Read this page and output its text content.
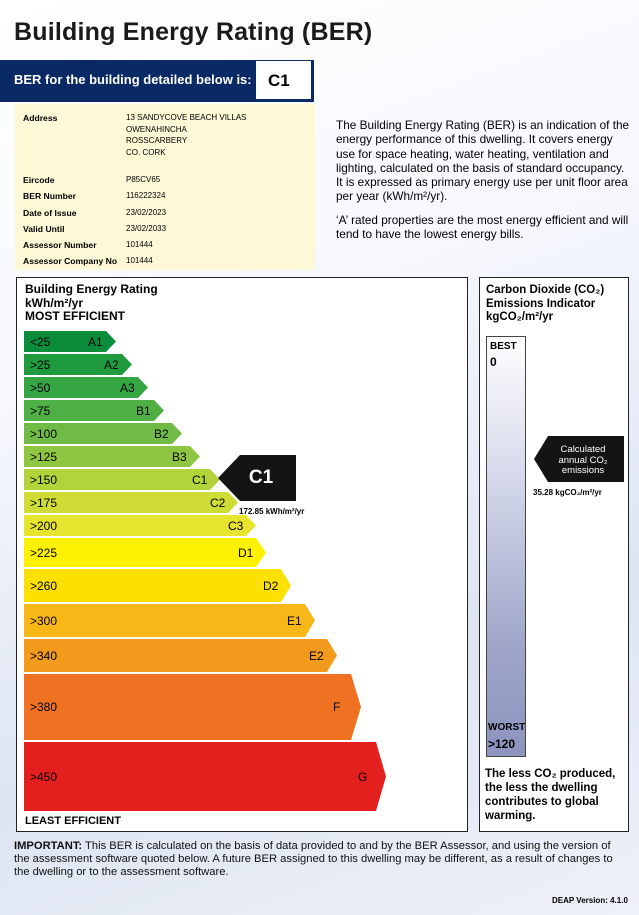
Building Energy Rating (BER)
BER for the building detailed below is: C1
Address	13 SANDYCOVE BEACH VILLAS
OWENAHINCHA
ROSSCARBERY
CO. CORK
Eircode	P85CV65
BER Number	116222324
Date of Issue	23/02/2023
Valid Until	23/02/2033
Assessor Number	101444
Assessor Company No 101444

The Building Energy Rating (BER) is an indication of the energy performance of this dwelling. It covers energy use for space heating, water heating, ventilation and lighting, calculated on the basis of standard occupancy. It is expressed as primary energy use per unit floor area per year (kWh/m²/yr).

‘A’ rated properties are the most energy efficient and will tend to have the lowest energy bills.

Building Energy Rating
kWh/m²/yr
MOST EFFICIENT
<25	A1
>25	A2
>50	A3
>75	B1
>100	B2
>125	B3
>150	C1
>175	C2
>200	C3
>225	D1
>260	D2
>300	E1
>340	E2
>380	F
>450	G
LEAST EFFICIENT
C1
172.85 kWh/m²/yr
Carbon Dioxide (CO₂)
Emissions Indicator
kgCO₂/m²/yr
BEST
0
WORST
>120
Calculated
annual CO₂
emissions
35.28 kgCO₂/m²/yr
The less CO₂ produced, the less the dwelling contributes to global warming.
IMPORTANT: This BER is calculated on the basis of data provided to and by the BER Assessor, and using the version of the assessment software quoted below. A future BER assigned to this dwelling may be different, as a result of changes to the dwelling or to the assessment software.
DEAP Version: 4.1.0
